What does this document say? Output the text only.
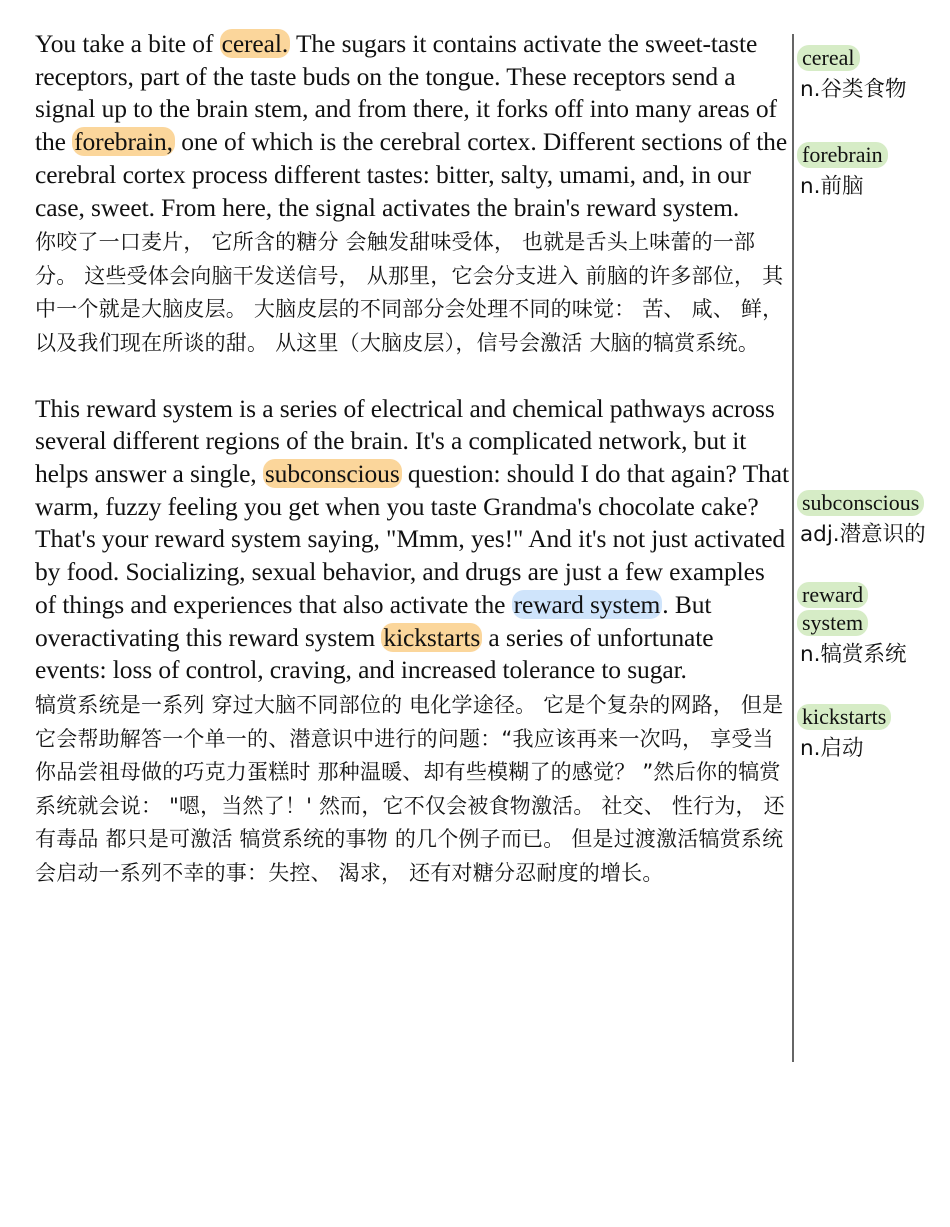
You take a bite of cereal. The sugars it contains activate the sweet-taste receptors, part of the taste buds on the tongue. These receptors send a signal up to the brain stem, and from there, it forks off into many areas of the forebrain, one of which is the cerebral cortex. Different sections of the cerebral cortex process different tastes: bitter, salty, umami, and, in our case, sweet. From here, the signal activates the brain's reward system.

你咬了一口麦片， 它所含的糖分 会触发甜味受体， 也就是舌头上味蕾的一部分。 这些受体会向脑干发送信号， 从那里，它会分支进入 前脑的许多部位， 其中一个就是大脑皮层。 大脑皮层的不同部分会处理不同的味觉： 苦、 咸、 鲜， 以及我们现在所谈的甜。 从这里（大脑皮层），信号会激活 大脑的犒赏系统。

This reward system is a series of electrical and chemical pathways across several different regions of the brain. It's a complicated network, but it helps answer a single, subconscious question: should I do that again? That warm, fuzzy feeling you get when you taste Grandma's chocolate cake? That's your reward system saying, "Mmm, yes!" And it's not just activated by food. Socializing, sexual behavior, and drugs are just a few examples of things and experiences that also activate the reward system. But overactivating this reward system kickstarts a series of unfortunate events: loss of control, craving, and increased tolerance to sugar.

犒赏系统是一系列 穿过大脑不同部位的 电化学途径。 它是个复杂的网路， 但是它会帮助解答一个单一的、潜意识中进行的问题：“我应该再来一次吗， 享受当你品尝祖母做的巧克力蛋糕时 那种温暖、却有些模糊了的感觉？ ”然后你的犒赏系统就会说： "嗯，当然了！' 然而，它不仅会被食物激活。 社交、 性行为， 还有毒品 都只是可激活 犒赏系统的事物 的几个例子而已。 但是过渡激活犒赏系统 会启动一系列不幸的事：失控、 渴求， 还有对糖分忍耐度的增长。

cereal
n.谷类食物
forebrain
n.前脑
subconscious
adj.潜意识的
reward
system
n.犒赏系统
kickstarts
n.启动
